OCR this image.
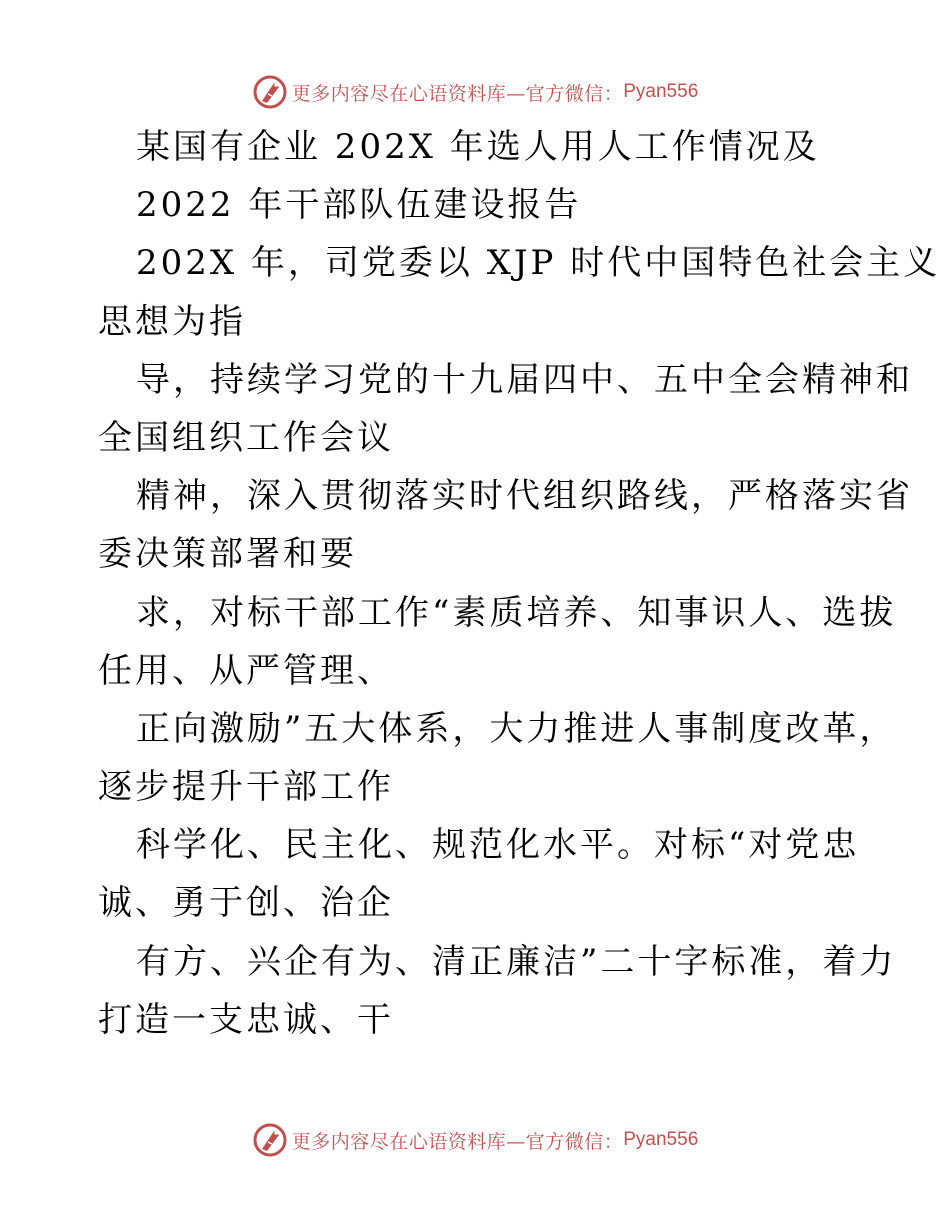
更多内容尽在心语资料库—官方微信： Pyan556
某国有企业 202X 年选人用人工作情况及
2022 年干部队伍建设报告
202X 年，司党委以 XJP 时代中国特色社会主义
思想为指
导，持续学习党的十九届四中、五中全会精神和
全国组织工作会议
精神，深入贯彻落实时代组织路线，严格落实省
委决策部署和要
求，对标干部工作“素质培养、知事识人、选拔
任用、从严管理、
正向激励”五大体系，大力推进人事制度改革，
逐步提升干部工作
科学化、民主化、规范化水平。对标“对党忠
诚、勇于创、治企
有方、兴企有为、清正廉洁”二十字标准，着力
打造一支忠诚、干
更多内容尽在心语资料库—官方微信： Pyan556
